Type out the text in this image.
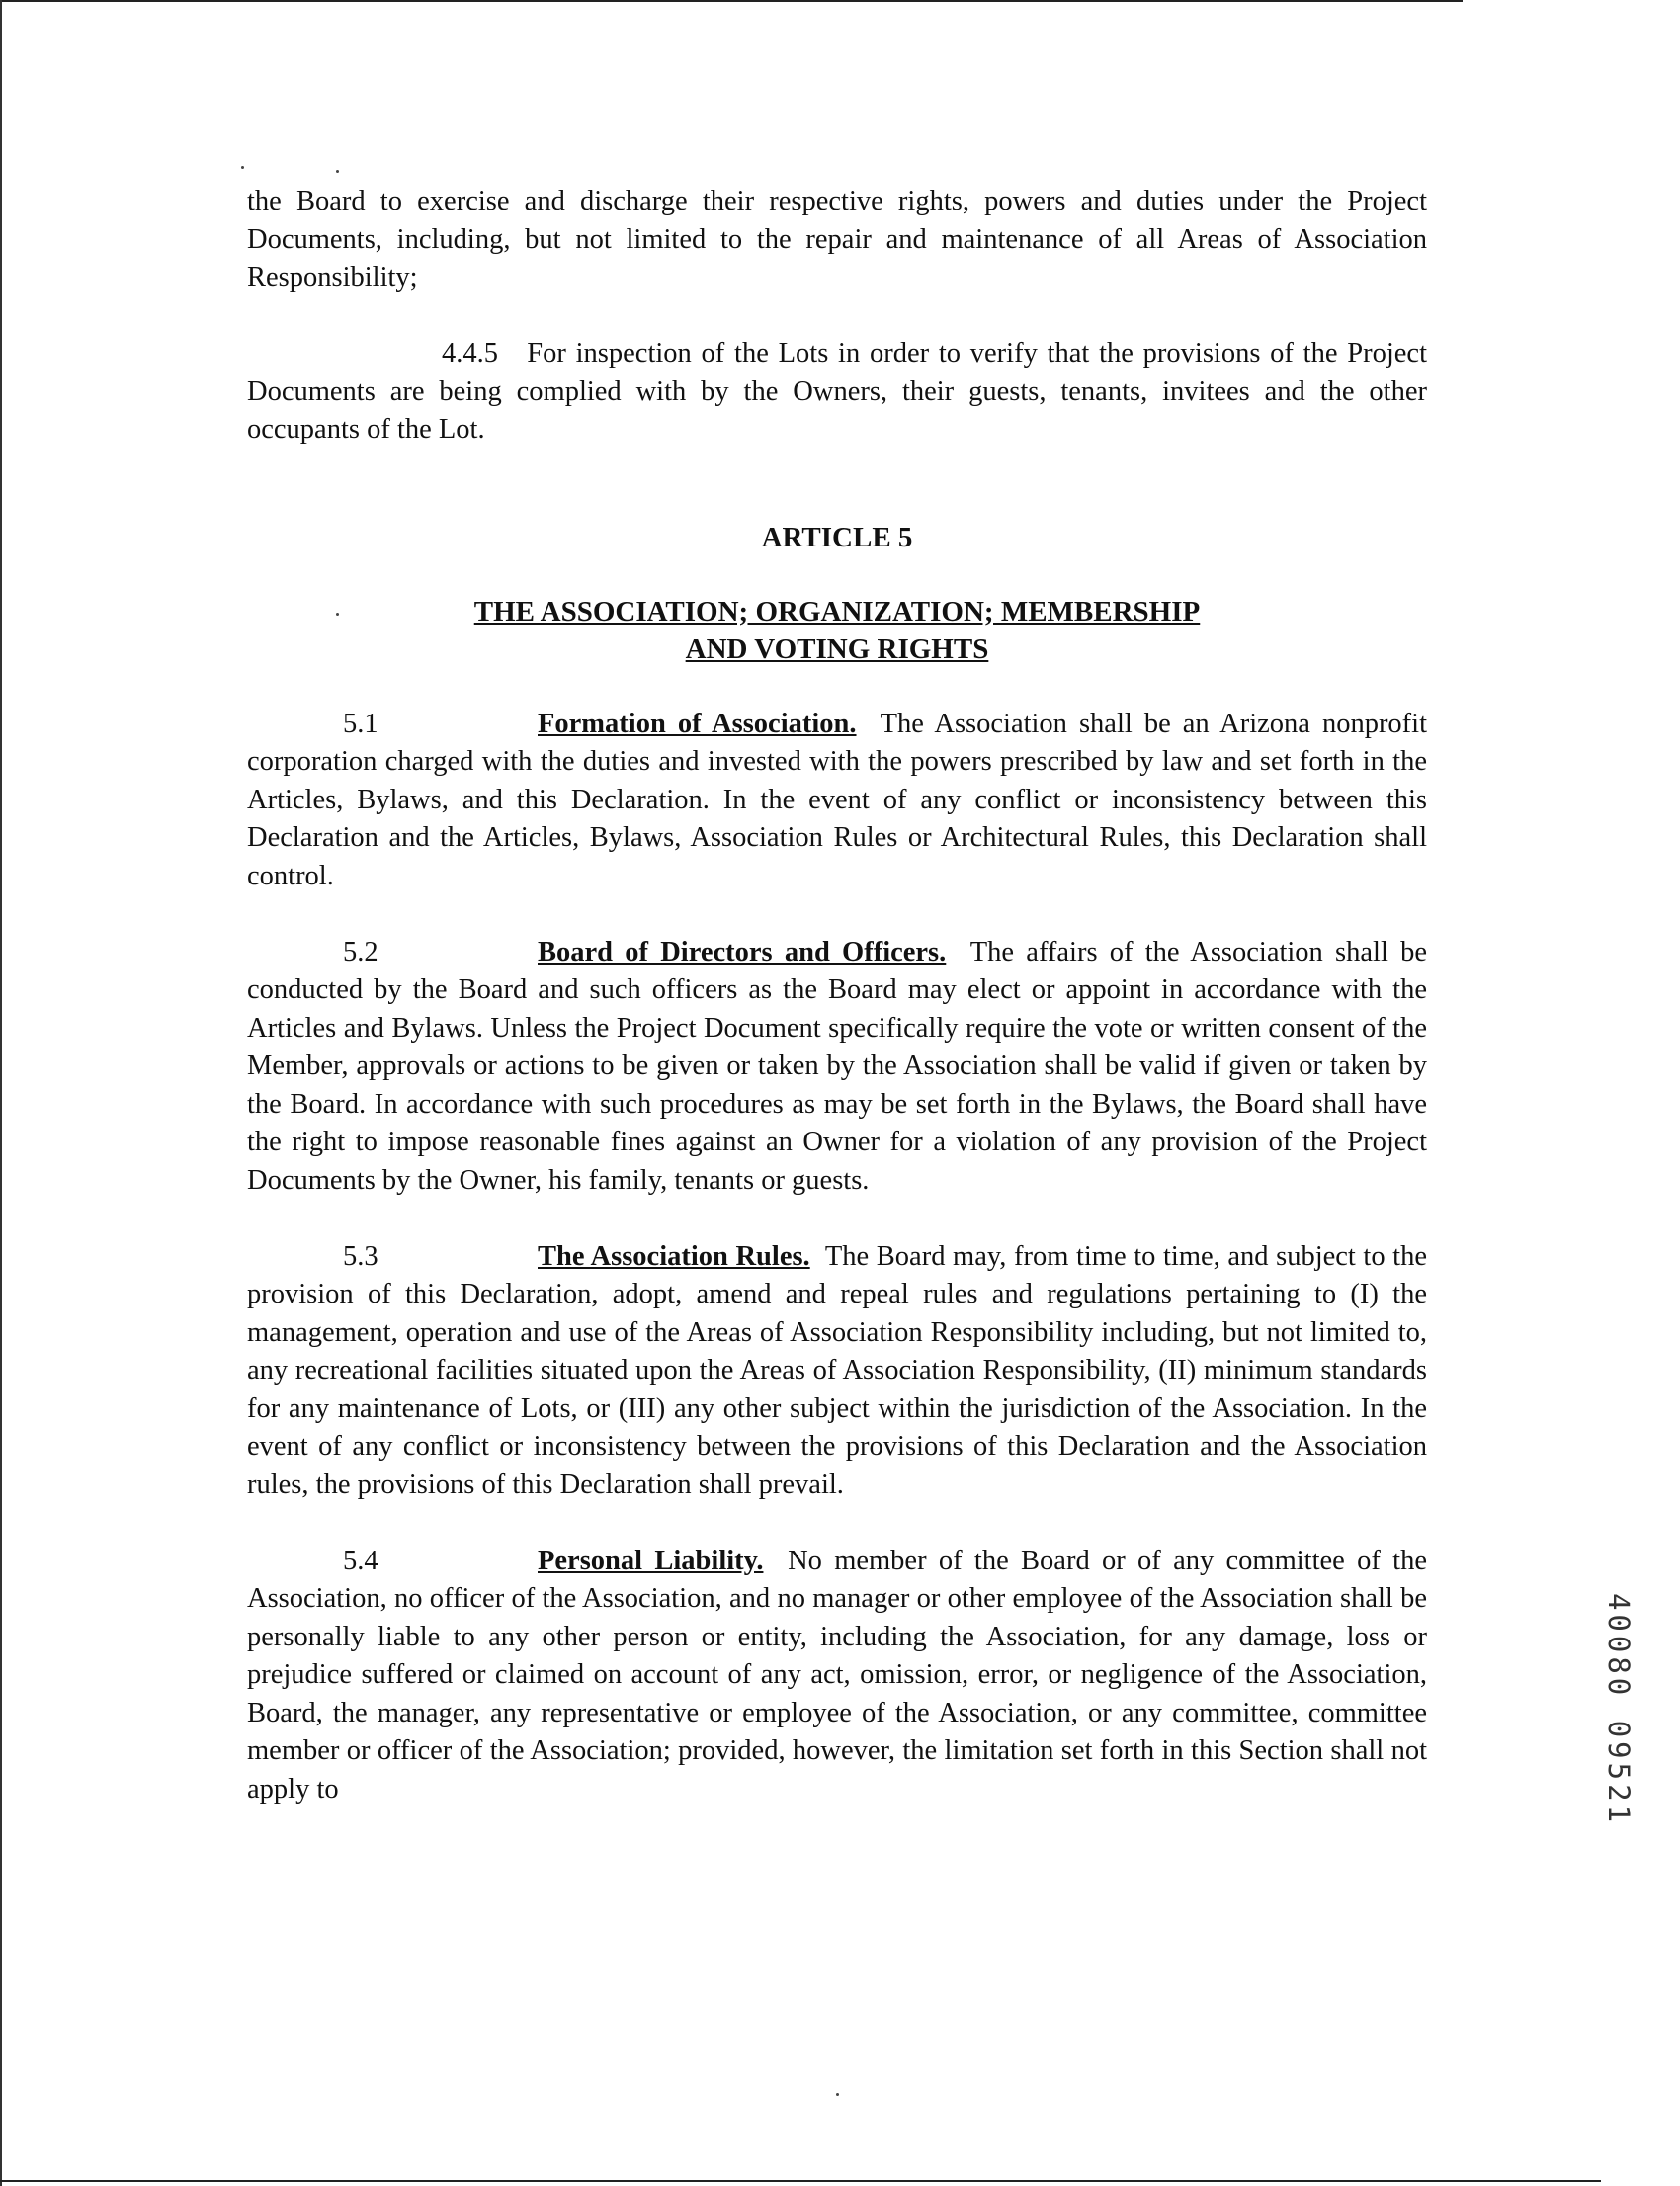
the Board to exercise and discharge their respective rights, powers and duties under the Project Documents, including, but not limited to the repair and maintenance of all Areas of Association Responsibility;

4.4.5 For inspection of the Lots in order to verify that the provisions of the Project Documents are being complied with by the Owners, their guests, tenants, invitees and the other occupants of the Lot.

ARTICLE 5
THE ASSOCIATION; ORGANIZATION; MEMBERSHIP
AND VOTING RIGHTS

5.1	Formation of Association. The Association shall be an Arizona nonprofit corporation charged with the duties and invested with the powers prescribed by law and set forth in the Articles, Bylaws, and this Declaration. In the event of any conflict or inconsistency between this Declaration and the Articles, Bylaws, Association Rules or Architectural Rules, this Declaration shall control.

5.2	Board of Directors and Officers. The affairs of the Association shall be conducted by the Board and such officers as the Board may elect or appoint in accordance with the Articles and Bylaws. Unless the Project Document specifically require the vote or written consent of the Member, approvals or actions to be given or taken by the Association shall be valid if given or taken by the Board. In accordance with such procedures as may be set forth in the Bylaws, the Board shall have the right to impose reasonable fines against an Owner for a violation of any provision of the Project Documents by the Owner, his family, tenants or guests.

5.3	The Association Rules. The Board may, from time to time, and subject to the provision of this Declaration, adopt, amend and repeal rules and regulations pertaining to (I) the management, operation and use of the Areas of Association Responsibility including, but not limited to, any recreational facilities situated upon the Areas of Association Responsibility, (II) minimum standards for any maintenance of Lots, or (III) any other subject within the jurisdiction of the Association. In the event of any conflict or inconsistency between the provisions of this Declaration and the Association rules, the provisions of this Declaration shall prevail.

5.4	Personal Liability. No member of the Board or of any committee of the Association, no officer of the Association, and no manager or other employee of the Association shall be personally liable to any other person or entity, including the Association, for any damage, loss or prejudice suffered or claimed on account of any act, omission, error, or negligence of the Association, Board, the manager, any representative or employee of the Association, or any committee, committee member or officer of the Association; provided, however, the limitation set forth in this Section shall not apply to	40080 09521
